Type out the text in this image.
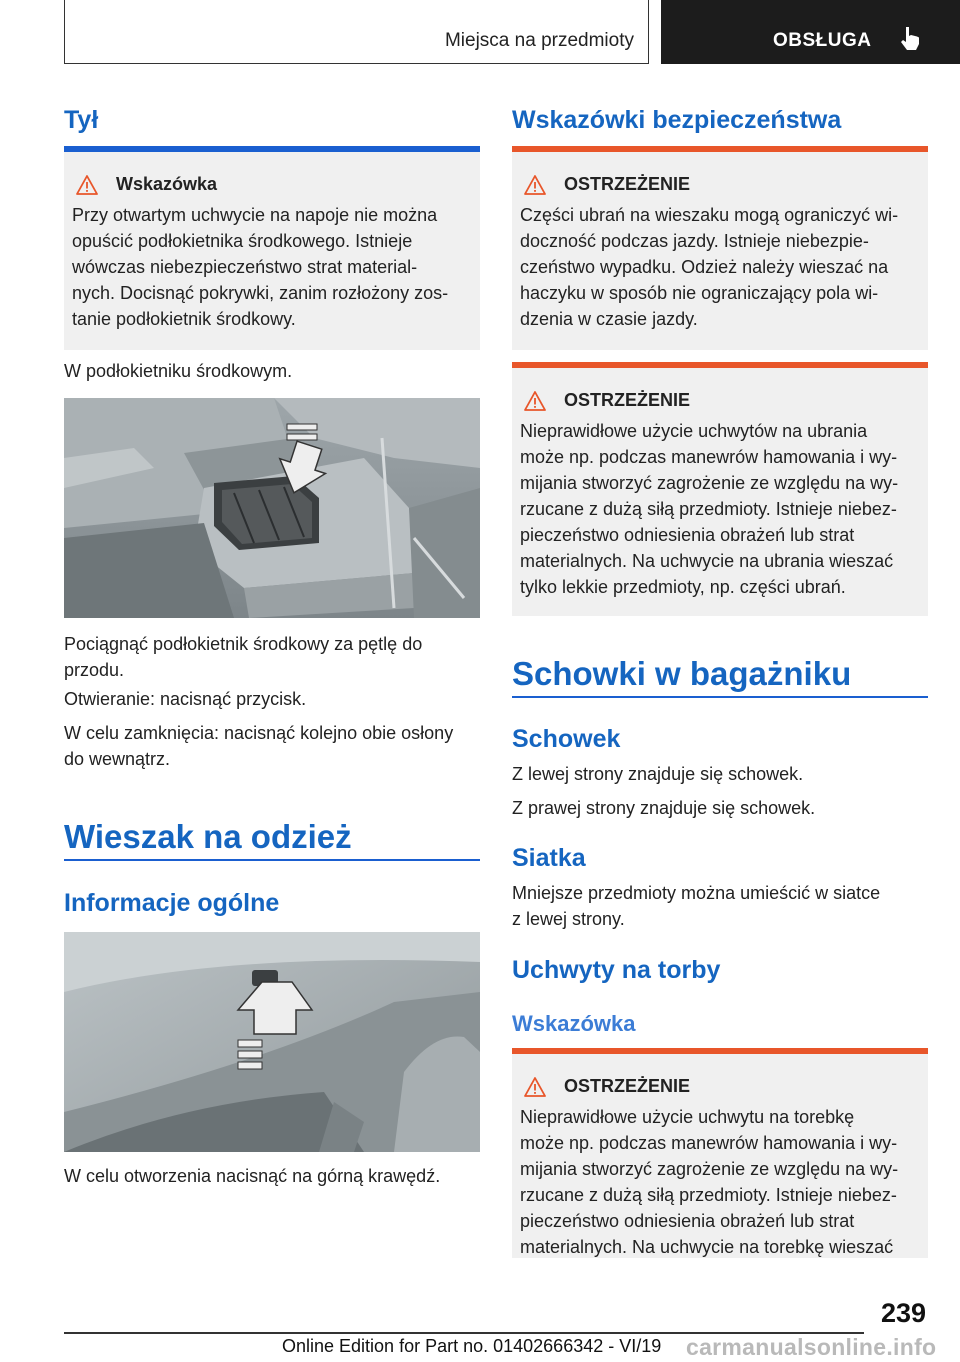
Miejsca na przedmioty	OBSŁUGA
Tył
Wskazówka
Przy otwartym uchwycie na napoje nie można
opuścić podłokietnika środkowego. Istnieje
wówczas niebezpieczeństwo strat material-
nych. Docisnąć pokrywki, zanim rozłożony zos-
tanie podłokietnik środkowy.
W podłokietniku środkowym.
Pociągnąć podłokietnik środkowy za pętlę do
przodu.
Otwieranie: nacisnąć przycisk.
W celu zamknięcia: nacisnąć kolejno obie osłony
do wewnątrz.
Wieszak na odzież
Informacje ogólne
W celu otworzenia nacisnąć na górną krawędź.
Wskazówki bezpieczeństwa
OSTRZEŻENIE
Części ubrań na wieszaku mogą ograniczyć wi-
doczność podczas jazdy. Istnieje niebezpie-
czeństwo wypadku. Odzież należy wieszać na
haczyku w sposób nie ograniczający pola wi-
dzenia w czasie jazdy.
OSTRZEŻENIE
Nieprawidłowe użycie uchwytów na ubrania
może np. podczas manewrów hamowania i wy-
mijania stworzyć zagrożenie ze względu na wy-
rzucane z dużą siłą przedmioty. Istnieje niebez-
pieczeństwo odniesienia obrażeń lub strat
materialnych. Na uchwycie na ubrania wieszać
tylko lekkie przedmioty, np. części ubrań.
Schowki w bagażniku
Schowek
Z lewej strony znajduje się schowek.
Z prawej strony znajduje się schowek.
Siatka
Mniejsze przedmioty można umieścić w siatce
z lewej strony.
Uchwyty na torby
Wskazówka
OSTRZEŻENIE
Nieprawidłowe użycie uchwytu na torebkę
może np. podczas manewrów hamowania i wy-
mijania stworzyć zagrożenie ze względu na wy-
rzucane z dużą siłą przedmioty. Istnieje niebez-
pieczeństwo odniesienia obrażeń lub strat
materialnych. Na uchwycie na torebkę wieszać
239
Online Edition for Part no. 01402666342 - VI/19 carmanualsonline.info
